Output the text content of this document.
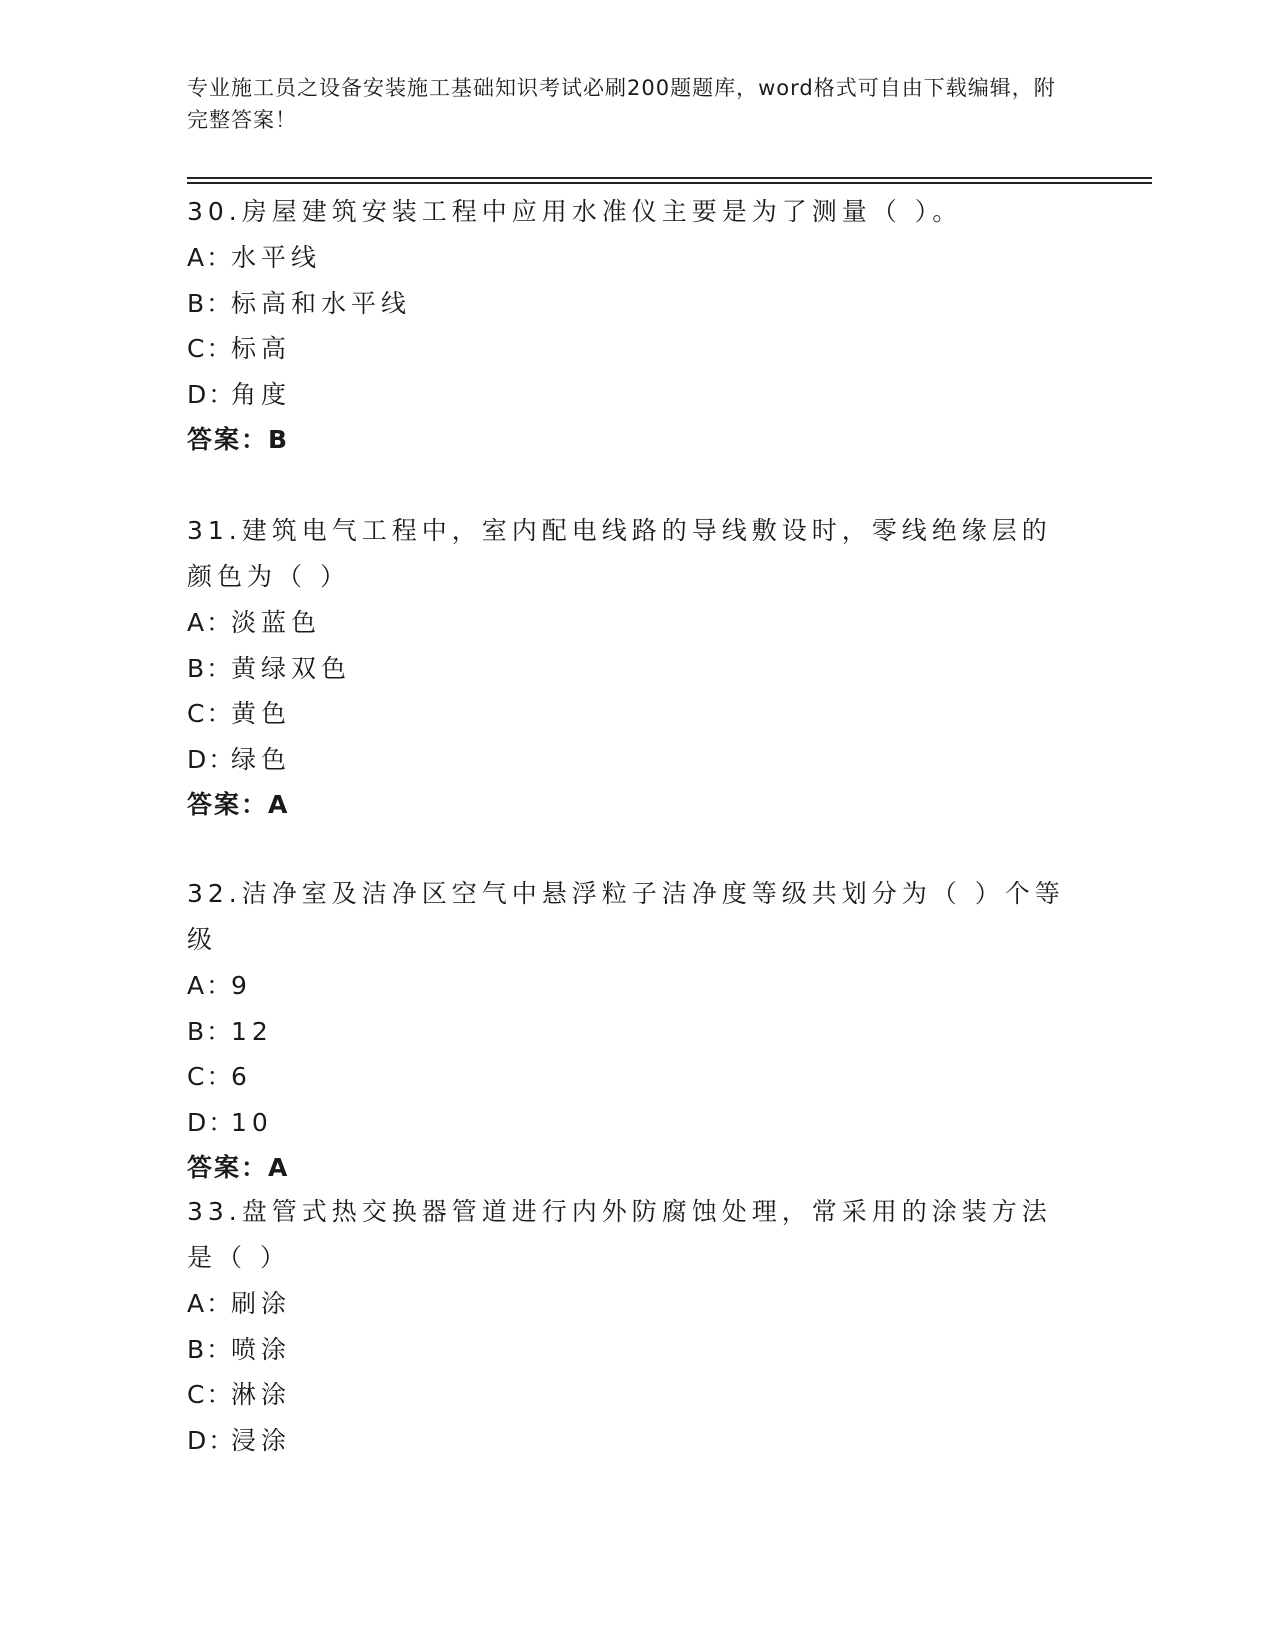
专业施工员之设备安装施工基础知识考试必刷200题题库，word格式可自由下载编辑，附完整答案！
30.房屋建筑安装工程中应用水准仪主要是为了测量（ ）。
A：水平线
B：标高和水平线
C：标高
D：角度
答案：B
31.建筑电气工程中，室内配电线路的导线敷设时，零线绝缘层的颜色为（ ）
A：淡蓝色
B：黄绿双色
C：黄色
D：绿色
答案：A
32.洁净室及洁净区空气中悬浮粒子洁净度等级共划分为（ ）个等级
A：9
B：12
C：6
D：10
答案：A
33.盘管式热交换器管道进行内外防腐蚀处理，常采用的涂装方法是（ ）
A：刷涂
B：喷涂
C：淋涂
D：浸涂
